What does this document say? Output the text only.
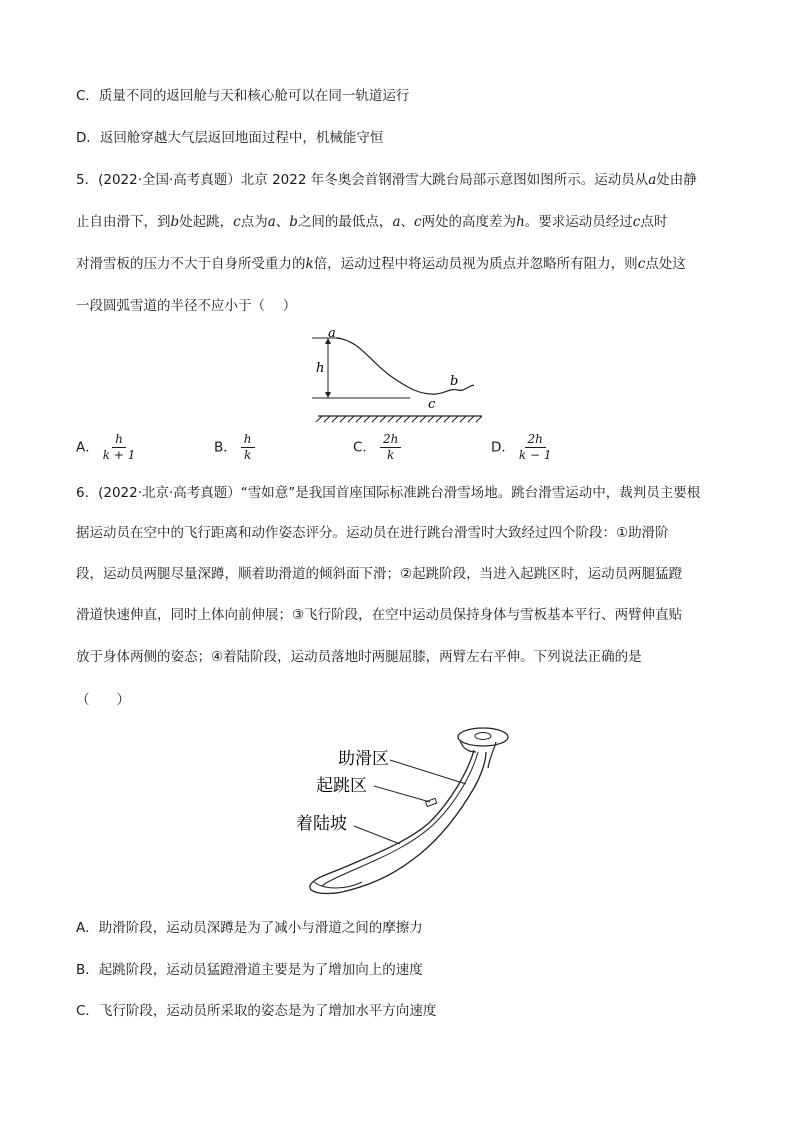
C．质量不同的返回舱与天和核心舱可以在同一轨道运行
D．返回舱穿越大气层返回地面过程中，机械能守恒
5．(2022·全国·高考真题）北京 2022 年冬奥会首钢滑雪大跳台局部示意图如图所示。运动员从a处由静
止自由滑下，到b处起跳，c点为a、b之间的最低点，a、c两处的高度差为h。要求运动员经过c点时
对滑雪板的压力不大于自身所受重力的k倍，运动过程中将运动员视为质点并忽略所有阻力，则c点处这
一段圆弧雪道的半径不应小于（　 ）
a
h
c
b
A． $\frac{h}{k + 1}$	B． $\frac{h}{k}$	C． $\frac{2h}{k}$	D． $\frac{2h}{k - 1}$
6．(2022·北京·高考真题）“雪如意”是我国首座国际标准跳台滑雪场地。跳台滑雪运动中，裁判员主要根
据运动员在空中的飞行距离和动作姿态评分。运动员在进行跳台滑雪时大致经过四个阶段：①助滑阶
段，运动员两腿尽量深蹲，顺着助滑道的倾斜面下滑；②起跳阶段，当进入起跳区时，运动员两腿猛蹬
滑道快速伸直，同时上体向前伸展；③飞行阶段，在空中运动员保持身体与雪板基本平行、两臂伸直贴
放于身体两侧的姿态；④着陆阶段，运动员落地时两腿屈膝，两臂左右平伸。下列说法正确的是
（　　）
助滑区
起跳区
着陆坡
A．助滑阶段，运动员深蹲是为了减小与滑道之间的摩擦力
B．起跳阶段，运动员猛蹬滑道主要是为了增加向上的速度
C．飞行阶段，运动员所采取的姿态是为了增加水平方向速度
